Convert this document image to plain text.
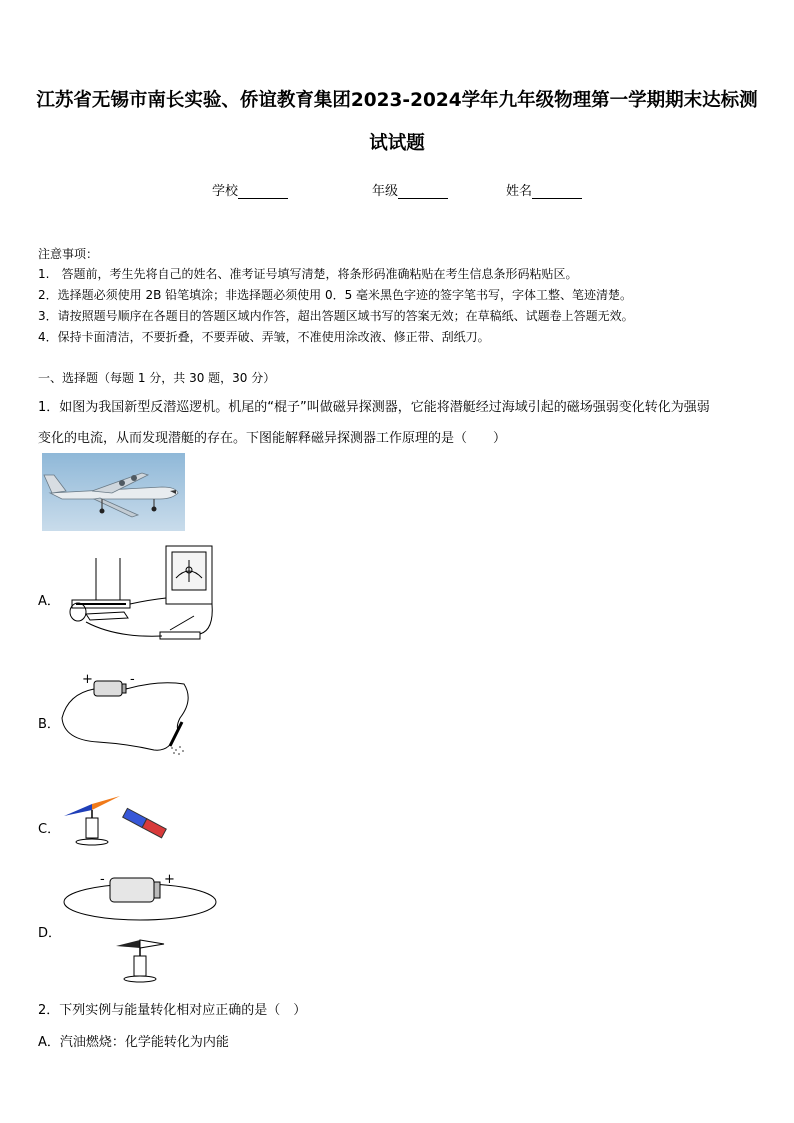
江苏省无锡市南长实验、侨谊教育集团2023-2024学年九年级物理第一学期期末达标测
试试题
学校	年级	姓名
注意事项：
1.　答题前，考生先将自己的姓名、准考证号填写清楚，将条形码准确粘贴在考生信息条形码粘贴区。
2．选择题必须使用 2B 铅笔填涂；非选择题必须使用 0．5 毫米黑色字迹的签字笔书写，字体工整、笔迹清楚。
3．请按照题号顺序在各题目的答题区域内作答，超出答题区域书写的答案无效；在草稿纸、试题卷上答题无效。
4．保持卡面清洁，不要折叠，不要弄破、弄皱，不准使用涂改液、修正带、刮纸刀。
一、选择题（每题 1 分，共 30 题，30 分）
1．如图为我国新型反潜巡逻机。机尾的“棍子”叫做磁异探测器，它能将潜艇经过海域引起的磁场强弱变化转化为强弱
变化的电流，从而发现潜艇的存在。下图能解释磁异探测器工作原理的是（　　）
A．
B．
+	-
C．
D．
-	+
2．下列实例与能量转化相对应正确的是（　）
A．汽油燃烧：化学能转化为内能
